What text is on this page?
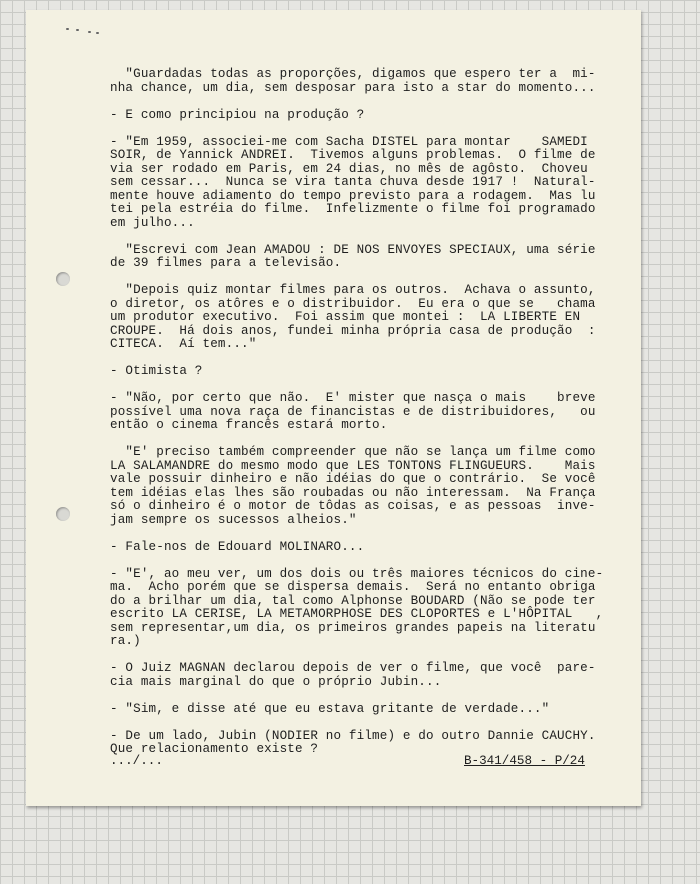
"Guardadas todas as proporções, digamos que espero ter a  mi-
nha chance, um dia, sem desposar para isto a star do momento...
- E como principiou na produção ?
- "Em 1959, associei-me com Sacha DISTEL para montar    SAMEDI
SOIR, de Yannick ANDREI.  Tivemos alguns problemas.  O filme de
via ser rodado em Paris, em 24 dias, no mês de agôsto.  Choveu
sem cessar...  Nunca se vira tanta chuva desde 1917 !  Natural-
mente houve adiamento do tempo previsto para a rodagem.  Mas lu
tei pela estréia do filme.  Infelizmente o filme foi programado
em julho...
"Escrevi com Jean AMADOU : DE NOS ENVOYES SPECIAUX, uma série
de 39 filmes para a televisão.
"Depois quiz montar filmes para os outros.  Achava o assunto,
o diretor, os atôres e o distribuidor.  Eu era o que se   chama
um produtor executivo.  Foi assim que montei :  LA LIBERTE EN
CROUPE.  Há dois anos, fundei minha própria casa de produção  :
CITECA.  Aí tem..."
- Otimista ?
- "Não, por certo que não.  E' mister que nasça o mais    breve
possível uma nova raça de financistas e de distribuidores,   ou
então o cinema francês estará morto.
"E' preciso também compreender que não se lança um filme como
LA SALAMANDRE do mesmo modo que LES TONTONS FLINGUEURS.    Mais
vale possuir dinheiro e não idéias do que o contrário.  Se você
tem idéias elas lhes são roubadas ou não interessam.  Na França
só o dinheiro é o motor de tôdas as coisas, e as pessoas  inve-
jam sempre os sucessos alheios."
- Fale-nos de Edouard MOLINARO...
- "E', ao meu ver, um dos dois ou três maiores técnicos do cine-
ma.  Acho porém que se dispersa demais.  Será no entanto obriga
do a brilhar um dia, tal como Alphonse BOUDARD (Não se pode ter
escrito LA CERISE, LA METAMORPHOSE DES CLOPORTES e L'HÔPITAL   ,
sem representar,um dia, os primeiros grandes papeis na literatu
ra.)
- O Juiz MAGNAN declarou depois de ver o filme, que você  pare-
cia mais marginal do que o próprio Jubin...
- "Sim, e disse até que eu estava gritante de verdade..."
- De um lado, Jubin (NODIER no filme) e do outro Dannie CAUCHY.
Que relacionamento existe ?
.../...	B-341/458 - P/24
